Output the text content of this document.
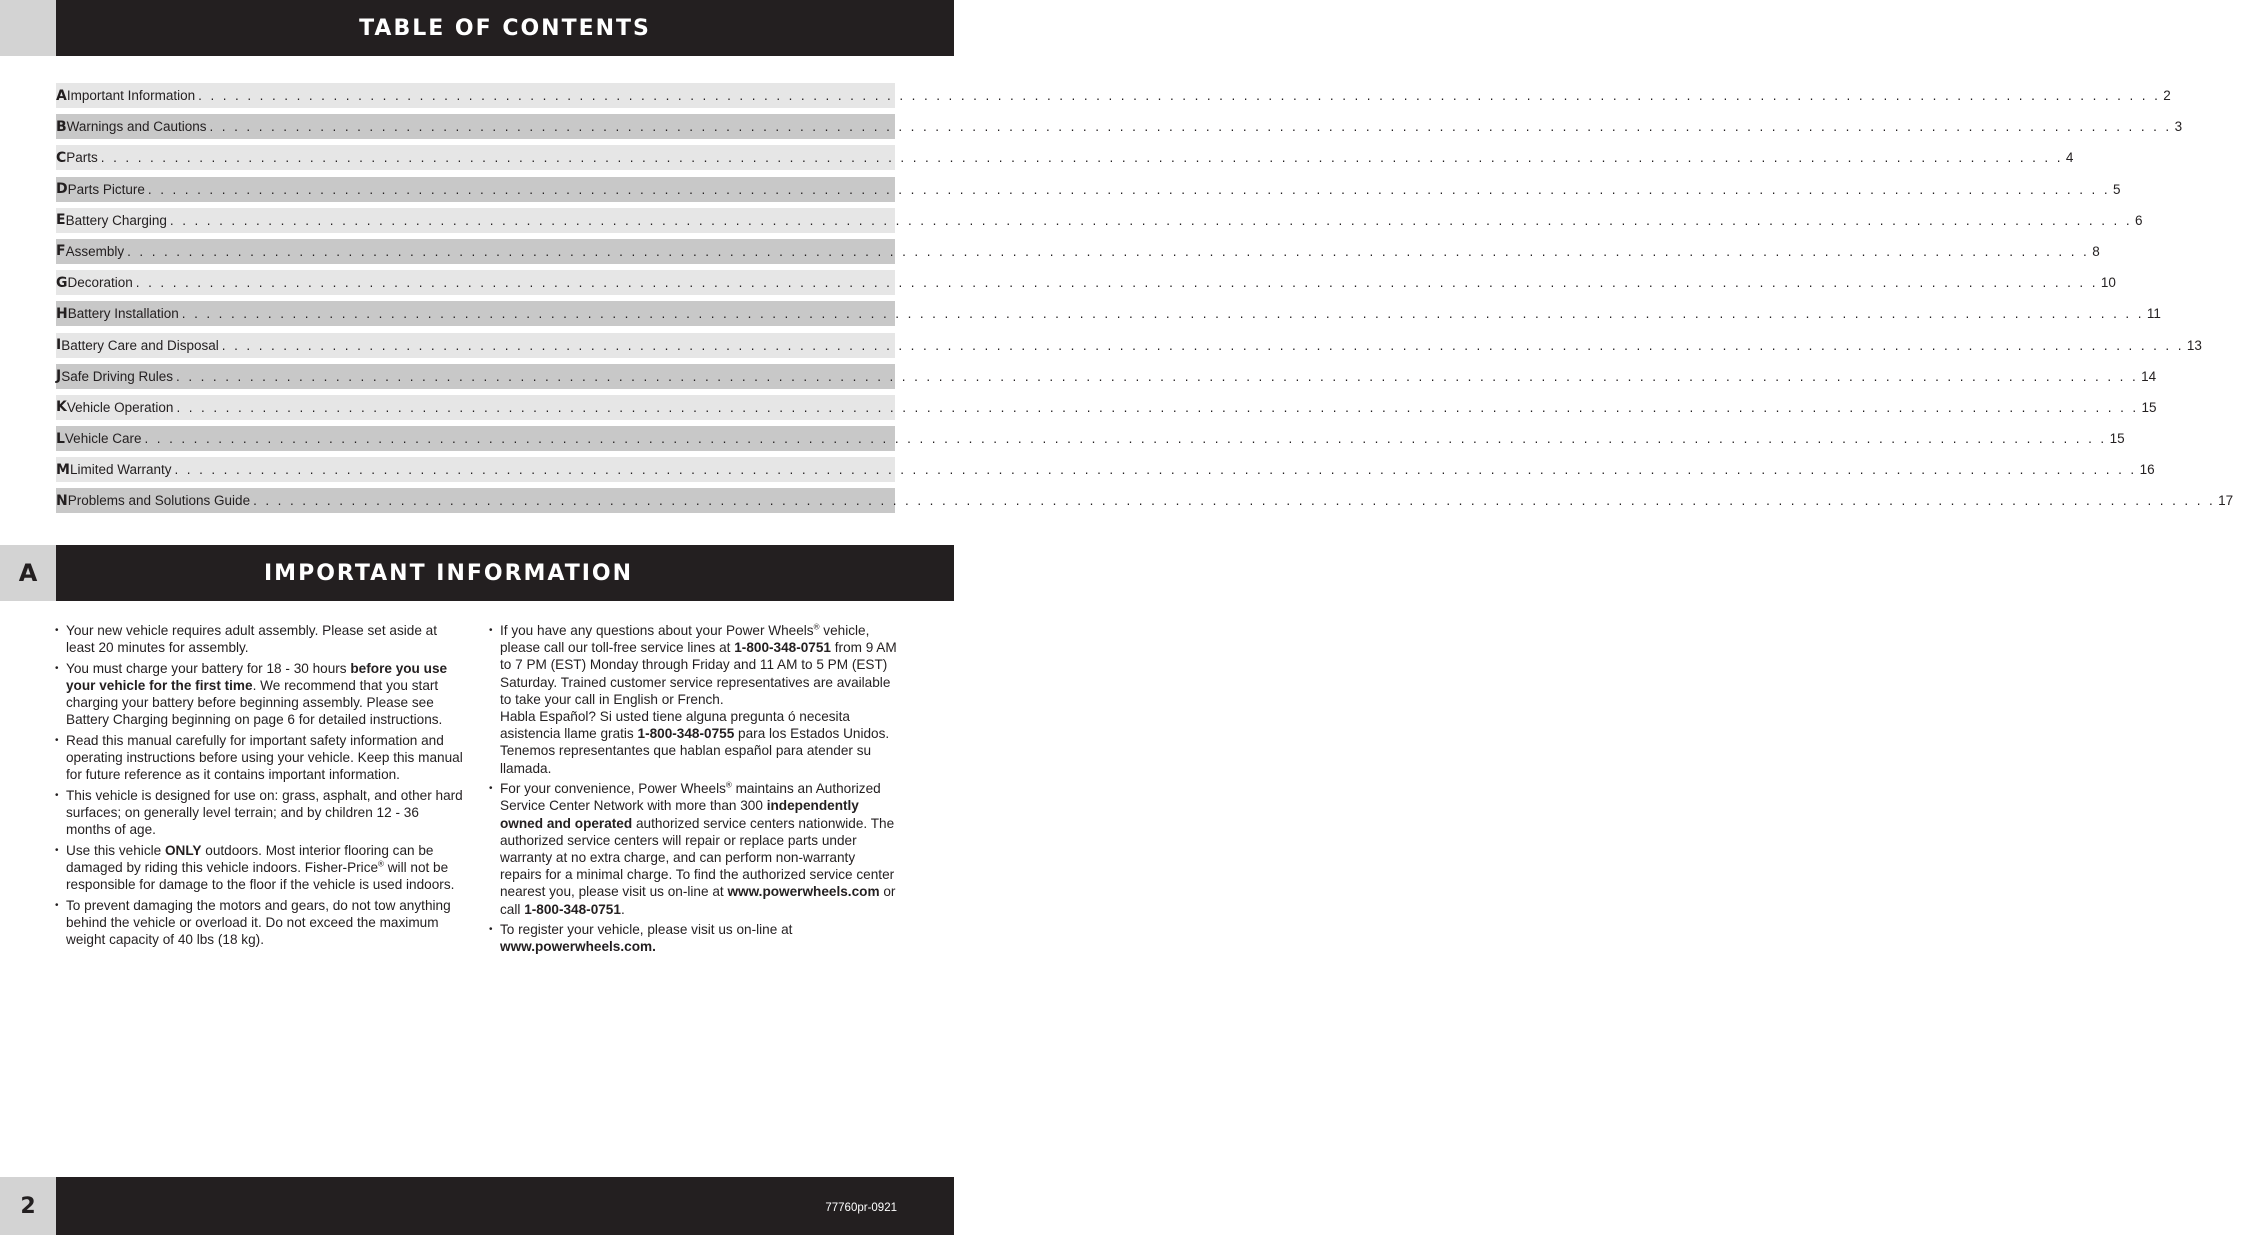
TABLE OF CONTENTS
A Important Information . . . . . . . . . . . . . . . . . . . . . . . . . . . . . . . . . . . . . . . . . . . . . . . . . . . . . . . . . . . . . . . . . . . . . . . . . . . . . . . . . . . . . . . . . . . . . . . . . . . . . . . . . . . . . . . . . . . . . . . . . . . . . . . . . . . . . . . . . . . . . . . . . . . . . . . . . . . . . . . . 2
B Warnings and Cautions . . . . . . . . . . . . . . . . . . . . . . . . . . . . . . . . . . . . . . . . . . . . . . . . . . . . . . . . . . . . . . . . . . . . . . . . . . . . . . . . . . . . . . . . . . . . . . . . . . . . . . . . . . . . . . . . . . . . . . . . . . . . . . . . . . . . . . . . . . . . . . . . . . . . . . . . . . . . . . . . 3
C Parts . . . . . . . . . . . . . . . . . . . . . . . . . . . . . . . . . . . . . . . . . . . . . . . . . . . . . . . . . . . . . . . . . . . . . . . . . . . . . . . . . . . . . . . . . . . . . . . . . . . . . . . . . . . . . . . . . . . . . . . . . . . . . . . . . . . . . . . . . . . . . . . . . . . . . . . . . . . . . . . . 4
D Parts Picture . . . . . . . . . . . . . . . . . . . . . . . . . . . . . . . . . . . . . . . . . . . . . . . . . . . . . . . . . . . . . . . . . . . . . . . . . . . . . . . . . . . . . . . . . . . . . . . . . . . . . . . . . . . . . . . . . . . . . . . . . . . . . . . . . . . . . . . . . . . . . . . . . . . . . . . . . . . . . . . . 5
E Battery Charging . . . . . . . . . . . . . . . . . . . . . . . . . . . . . . . . . . . . . . . . . . . . . . . . . . . . . . . . . . . . . . . . . . . . . . . . . . . . . . . . . . . . . . . . . . . . . . . . . . . . . . . . . . . . . . . . . . . . . . . . . . . . . . . . . . . . . . . . . . . . . . . . . . . . . . . . . . . . . . . . 6
F Assembly . . . . . . . . . . . . . . . . . . . . . . . . . . . . . . . . . . . . . . . . . . . . . . . . . . . . . . . . . . . . . . . . . . . . . . . . . . . . . . . . . . . . . . . . . . . . . . . . . . . . . . . . . . . . . . . . . . . . . . . . . . . . . . . . . . . . . . . . . . . . . . . . . . . . . . . . . . . . . . . . 8
G Decoration . . . . . . . . . . . . . . . . . . . . . . . . . . . . . . . . . . . . . . . . . . . . . . . . . . . . . . . . . . . . . . . . . . . . . . . . . . . . . . . . . . . . . . . . . . . . . . . . . . . . . . . . . . . . . . . . . . . . . . . . . . . . . . . . . . . . . . . . . . . . . . . . . . . . . . . . . . . . . . . . 10
H Battery Installation . . . . . . . . . . . . . . . . . . . . . . . . . . . . . . . . . . . . . . . . . . . . . . . . . . . . . . . . . . . . . . . . . . . . . . . . . . . . . . . . . . . . . . . . . . . . . . . . . . . . . . . . . . . . . . . . . . . . . . . . . . . . . . . . . . . . . . . . . . . . . . . . . . . . . . . . . . . . . . . . 11
I Battery Care and Disposal . . . . . . . . . . . . . . . . . . . . . . . . . . . . . . . . . . . . . . . . . . . . . . . . . . . . . . . . . . . . . . . . . . . . . . . . . . . . . . . . . . . . . . . . . . . . . . . . . . . . . . . . . . . . . . . . . . . . . . . . . . . . . . . . . . . . . . . . . . . . . . . . . . . . . . . . . . . . . . . . 13
J Safe Driving Rules . . . . . . . . . . . . . . . . . . . . . . . . . . . . . . . . . . . . . . . . . . . . . . . . . . . . . . . . . . . . . . . . . . . . . . . . . . . . . . . . . . . . . . . . . . . . . . . . . . . . . . . . . . . . . . . . . . . . . . . . . . . . . . . . . . . . . . . . . . . . . . . . . . . . . . . . . . . . . . . . 14
K Vehicle Operation . . . . . . . . . . . . . . . . . . . . . . . . . . . . . . . . . . . . . . . . . . . . . . . . . . . . . . . . . . . . . . . . . . . . . . . . . . . . . . . . . . . . . . . . . . . . . . . . . . . . . . . . . . . . . . . . . . . . . . . . . . . . . . . . . . . . . . . . . . . . . . . . . . . . . . . . . . . . . . . . 15
L Vehicle Care . . . . . . . . . . . . . . . . . . . . . . . . . . . . . . . . . . . . . . . . . . . . . . . . . . . . . . . . . . . . . . . . . . . . . . . . . . . . . . . . . . . . . . . . . . . . . . . . . . . . . . . . . . . . . . . . . . . . . . . . . . . . . . . . . . . . . . . . . . . . . . . . . . . . . . . . . . . . . . . . 15
M Limited Warranty . . . . . . . . . . . . . . . . . . . . . . . . . . . . . . . . . . . . . . . . . . . . . . . . . . . . . . . . . . . . . . . . . . . . . . . . . . . . . . . . . . . . . . . . . . . . . . . . . . . . . . . . . . . . . . . . . . . . . . . . . . . . . . . . . . . . . . . . . . . . . . . . . . . . . . . . . . . . . . . . 16
N Problems and Solutions Guide . . . . . . . . . . . . . . . . . . . . . . . . . . . . . . . . . . . . . . . . . . . . . . . . . . . . . . . . . . . . . . . . . . . . . . . . . . . . . . . . . . . . . . . . . . . . . . . . . . . . . . . . . . . . . . . . . . . . . . . . . . . . . . . . . . . . . . . . . . . . . . . . . . . . . . . . . . . . . . . . 17
A	IMPORTANT INFORMATION
• Your new vehicle requires adult assembly. Please set aside at least 20 minutes for assembly.
• You must charge your battery for 18 - 30 hours before you use your vehicle for the first time. We recommend that you start charging your battery before beginning assembly. Please see Battery Charging beginning on page 6 for detailed instructions.
• Read this manual carefully for important safety information and operating instructions before using your vehicle. Keep this manual for future reference as it contains important information.
• This vehicle is designed for use on: grass, asphalt, and other hard surfaces; on generally level terrain; and by children 12 - 36 months of age.
• Use this vehicle ONLY outdoors. Most interior flooring can be damaged by riding this vehicle indoors. Fisher-Price® will not be responsible for damage to the floor if the vehicle is used indoors.
• To prevent damaging the motors and gears, do not tow anything behind the vehicle or overload it. Do not exceed the maximum weight capacity of 40 lbs (18 kg).
• If you have any questions about your Power Wheels® vehicle, please call our toll-free service lines at 1-800-348-0751 from 9 AM to 7 PM (EST) Monday through Friday and 11 AM to 5 PM (EST) Saturday. Trained customer service representatives are available to take your call in English or French.
Habla Español? Si usted tiene alguna pregunta ó necesita asistencia llame gratis 1-800-348-0755 para los Estados Unidos. Tenemos representantes que hablan español para atender su llamada.
• For your convenience, Power Wheels® maintains an Authorized Service Center Network with more than 300 independently owned and operated authorized service centers nationwide. The authorized service centers will repair or replace parts under warranty at no extra charge, and can perform non-warranty repairs for a minimal charge. To find the authorized service center nearest you, please visit us on-line at www.powerwheels.com or call 1-800-348-0751.
• To register your vehicle, please visit us on-line at
www.powerwheels.com.
2	77760pr-0921
